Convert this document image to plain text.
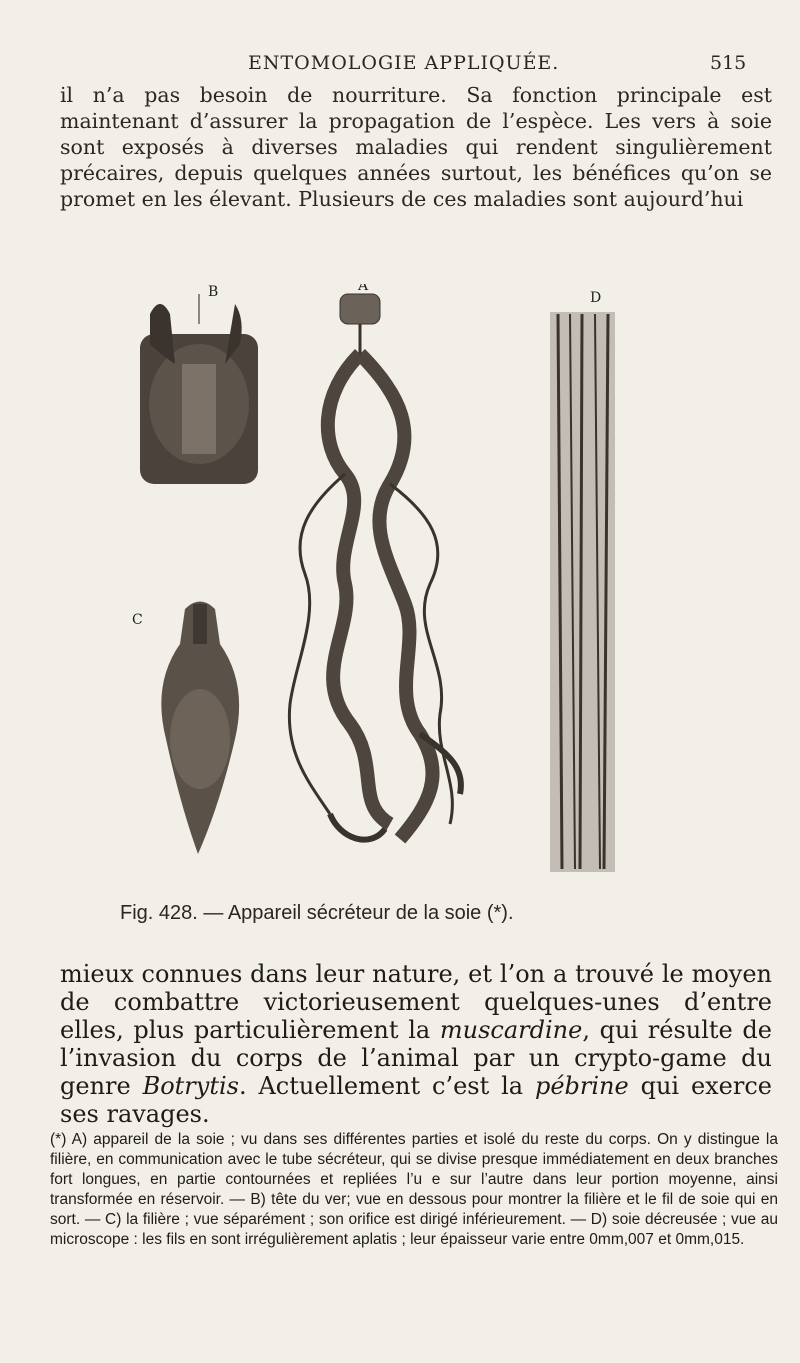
ENTOMOLOGIE APPLIQUÉE.	515
il n’a pas besoin de nourriture. Sa fonction principale est maintenant d’assurer la propagation de l’espèce. Les vers à soie sont exposés à diverses maladies qui rendent singulièrement précaires, depuis quelques années surtout, les bénéfices qu’on se promet en les élevant. Plusieurs de ces maladies sont aujourd’hui
B
C
A
D
Fig. 428. — Appareil sécréteur de la soie (*).
mieux connues dans leur nature, et l’on a trouvé le moyen de combattre victorieusement quelques-unes d’entre elles, plus particulièrement la muscardine, qui résulte de l’invasion du corps de l’animal par un crypto-game du genre Botrytis. Actuellement c’est la pébrine qui exerce ses ravages.
(*) A) appareil de la soie ; vu dans ses différentes parties et isolé du reste du corps. On y distingue la filière, en communication avec le tube sécréteur, qui se divise presque immédiatement en deux branches fort longues, en partie contournées et repliées l’u e sur l’autre dans leur portion moyenne, ainsi transformée en réservoir. — B) tête du ver; vue en dessous pour montrer la filière et le fil de soie qui en sort. — C) la filière ; vue séparément ; son orifice est dirigé inférieurement. — D) soie décreusée ; vue au microscope : les fils en sont irrégulièrement aplatis ; leur épaisseur varie entre 0mm,007 et 0mm,015.
